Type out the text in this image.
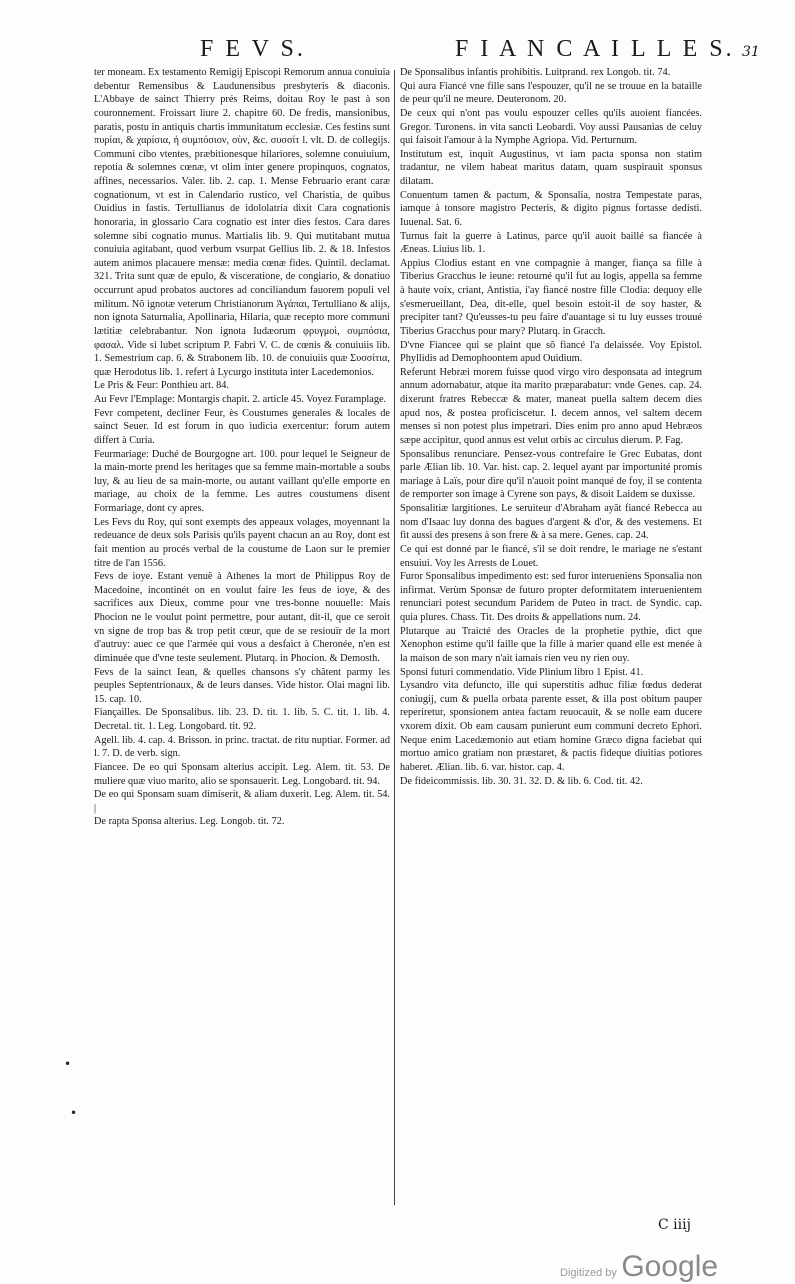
F E V S.	F I A N C A I L L E S. 31

ter moneam. Ex testamento Remigij Episcopi Remorum annua conuiuia debentur Remensibus & Laudunensibus presbyteris & diaconis. L'Abbaye de sainct Thierry prés Reims, doitau Roy le past à son couronnement. Froissart liure 2. chapitre 60. De fredis, mansionibus, paratis, postu in antiquis chartis immunitatum ecclesiæ. Ces festins sunt πυρίαι, & χαρίσια, ἡ συμπόσιον, σὺν, &c. συσσίτ l. vlt. D. de collegijs. Communi cibo vtentes, præbitionesque hilariores, solemne conuiuium, repotia & solemnes cœnæ, vt olim inter genere propinquos, cognatos, affines, necessarios. Valer. lib. 2. cap. 1. Mense Februario erant caræ cognationum, vt est in Calendario rustico, vel Charistia, de quibus Ouidius in fastis. Tertullianus de idololatria dixit Cara cognationis honoraria, in glossario Cara cognatio est inter dies festos. Cara dares solemne sibi cognatio munus. Martialis lib. 9. Qui mutitabant mutua conuiuia agitabant, quod verbum vsurpat Gellius lib. 2. & 18. Infestos autem animos placauere mensæ: media cœnæ fides. Quintil. declamat. 321. Trita sunt quæ de epulo, & visceratione, de congiario, & donatiuo occurrunt apud probatos auctores ad conciliandum fauorem populi vel militum. Nõ ignotæ veterum Christianorum Ἀγάπαι, Tertulliano & alijs, non ignota Saturnalia, Apollinaria, Hilaria, quæ recepto more communi lætitiæ celebrabantur. Non ignota Iudæorum φρυγμοὶ, συμπόσια, φασαλ. Vide si lubet scriptum P. Fabri V. C. de cœnis & conuiuiis lib. 1. Semestrium cap. 6. & Strabonem lib. 10. de conuiuiis quæ Συσσίτια, quæ Herodotus lib. 1. refert à Lycurgo instituta inter Lacedemonios.

Le Pris & Feur: Ponthieu art. 84.

Au Fevr l'Emplage: Montargis chapit. 2. article 45. Voyez Furamplage.

Fevr competent, decliner Feur, ès Coustumes generales & locales de sainct Seuer. Id est forum in quo iudicia exercentur: forum autem differt à Curia.

Feurmariage: Duché de Bourgogne art. 100. pour lequel le Seigneur de la main-morte prend les heritages que sa femme main-mortable a soubs luy, & au lieu de sa main-morte, ou autant vaillant qu'elle emporte en mariage, au choix de la femme. Les autres coustumens disent Formariage, dont cy apres.

Les Fevs du Roy, qui sont exempts des appeaux volages, moyennant la redeuance de deux sols Parisis qu'ils payent chacun an au Roy, dont est fait mention au procés verbal de la coustume de Laon sur le premier titre de l'an 1556.

Fevs de ioye. Estant venuë à Athenes la mort de Philippus Roy de Macedoine, incontinét on en voulut faire les feus de ioye, & des sacrifices aux Dieux, comme pour vne tres-bonne nouuelle: Mais Phocion ne le voulut point permettre, pour autant, dit-il, que ce seroit vn signe de trop bas & trop petit cœur, que de se resiouïr de la mort d'autruy: auec ce que l'armée qui vous a desfaict à Cheronée, n'en est diminuée que d'vne teste seulement. Plutarq. in Phocion. & Demosth.

Fevs de la sainct Iean, & quelles chansons s'y chãtent parmy les peuples Septentrionaux, & de leurs danses. Vide histor. Olai magni lib. 15. cap. 10.

Fiançailles. De Sponsalibus. lib. 23. D. tit. 1. lib. 5. C. tit. 1. lib. 4. Decretal. tit. 1. Leg. Longobard. tit. 92.

Agell. lib. 4. cap. 4. Brisson. in princ. tractat. de ritu nuptiar. Former. ad l. 7. D. de verb. sign.

Fiancee. De eo qui Sponsam alterius accipit. Leg. Alem. tit. 53. De muliere quæ viuo marito, alio se sponsauerit. Leg. Longobard. tit. 94.

De eo qui Sponsam suam dimiserit, & aliam duxerit. Leg. Alem. tit. 54. |

De rapta Sponsa alterius. Leg. Longob. tit. 72.

De Sponsalibus infantis prohibitis. Luitprand. rex Longob. tit. 74.

Qui aura Fiancé vne fille sans l'espouzer, qu'il ne se trouue en la bataille de peur qu'il ne meure. Deuteronom. 20.

De ceux qui n'ont pas voulu espouzer celles qu'ils auoient fiancées. Gregor. Turonens. in vita sancti Leobardi. Voy aussi Pausanias de celuy qui faisoit l'amour à la Nymphe Agriopa. Vid. Perturnum.

Institutum est, inquit Augustinus, vt iam pacta sponsa non statim tradantur, ne vilem habeat maritus datam, quam suspirauit sponsus dilatam.

Conuentum tamen & pactum, & Sponsalia, nostra Tempestate paras, iamque à tonsore magistro Pecteris, & digito pignus fortasse dedisti. Iuuenal. Sat. 6.

Turnus fait la guerre à Latinus, parce qu'il auoit baillé sa fiancée à Æneas. Liuius lib. 1.

Appius Clodius estant en vne compagnie à manger, fiança sa fille à Tiberius Gracchus le ieune: retourné qu'il fut au logis, appella sa femme à haute voix, criant, Antistia, i'ay fiancé nostre fille Clodia: dequoy elle s'esmerueillant, Dea, dit-elle, quel besoin estoit-il de soy haster, & precipiter tant? Qu'eusses-tu peu faire d'auantage si tu luy eusses trouué Tiberius Gracchus pour mary? Plutarq. in Gracch.

D'vne Fiancee qui se plaint que sõ fiancé l'a delaissée. Voy Epistol. Phyllidis ad Demophoontem apud Ouidium.

Referunt Hebræi morem fuisse quod virgo viro desponsata ad integrum annum adornabatur, atque ita marito præparabatur: vnde Genes. cap. 24. dixerunt fratres Rebeccæ & mater, maneat puella saltem decem dies apud nos, & postea proficiscetur. I. decem annos, vel saltem decem menses si non potest plus impetrari. Dies enim pro anno apud Hebræos sæpe accipitur, quod annus est velut orbis ac circulus dierum. P. Fag.

Sponsalibus renunciare. Pensez-vous contrefaire le Grec Eubatas, dont parle Ælian lib. 10. Var. hist. cap. 2. lequel ayant par importunité promis mariage à Laïs, pour dire qu'il n'auoit point manqué de foy, il se contenta de remporter son image à Cyrene son pays, & disoit Laidem se duxisse.

Sponsalitiæ largitiones. Le seruiteur d'Abraham ayãt fiancé Rebecca au nom d'Isaac luy donna des bagues d'argent & d'or, & des vestemens. Et fit aussi des presens à son frere & à sa mere. Genes. cap. 24.

Ce qui est donné par le fiancé, s'il se doit rendre, le mariage ne s'estant ensuiui. Voy les Arrests de Louet.

Furor Sponsalibus impedimento est: sed furor interueniens Sponsalia non infirmat. Verùm Sponsæ de futuro propter deformitatem interuenientem renunciari potest secundum Paridem de Puteo in tract. de Syndic. cap. quia plures. Chass. Tit. Des droits & appellations num. 24.

Plutarque au Traicté des Oracles de la prophetie pythie, dict que Xenophon estime qu'il faille que la fille à marier quand elle est menée à la maison de son mary n'ait iamais rien veu ny rien ouy.

Sponsi futuri commendatio. Vide Plinium libro 1 Epist. 41.

Lysandro vita defuncto, ille qui superstitis adhuc filiæ fœdus dederat coniugij, cum & puella orbata parente esset, & illa post obitum pauper reperiretur, sponsionem antea factam reuocauit, & se nolle eam ducere vxorem dixit. Ob eam causam punierunt eum communi decreto Ephori. Neque enim Lacedæmonio aut etiam homine Græco digna faciebat qui mortuo amico gratiam non præstaret, & pactis fideque diuitias potiores haberet. Ælian. lib. 6. var. histor. cap. 4.

De fideicommissis. lib. 30. 31. 32. D. & lib. 6. Cod. tit. 42.

•
•
C iiij
Digitized by Google
